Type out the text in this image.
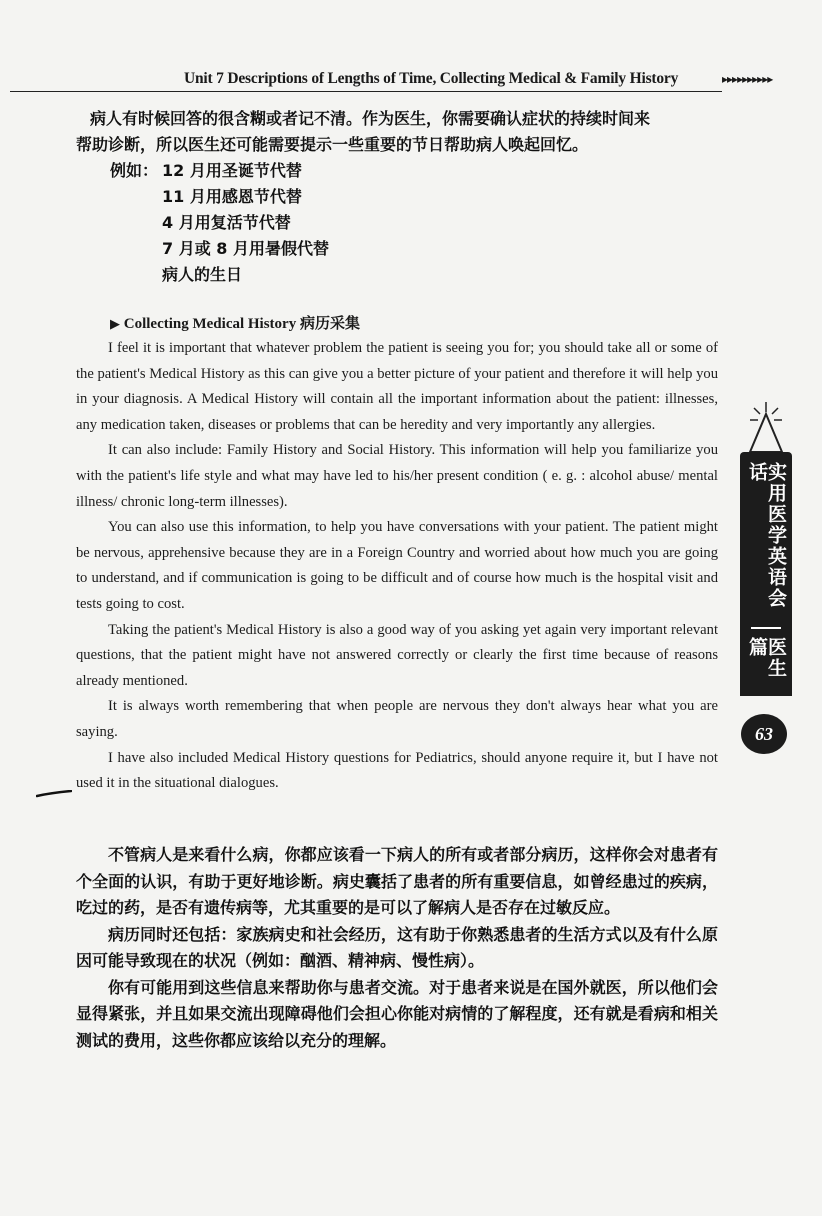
Unit 7 Descriptions of Lengths of Time, Collecting Medical & Family History	▸▸▸▸▸▸▸▸▸▸
病人有时候回答的很含糊或者记不清。作为医生，你需要确认症状的持续时间来
帮助诊断，所以医生还可能需要提示一些重要的节日帮助病人唤起回忆。
例如： 12 月用圣诞节代替
11 月用感恩节代替
4 月用复活节代替
7 月或 8 月用暑假代替
病人的生日
▶ Collecting Medical History 病历采集

I feel it is important that whatever problem the patient is seeing you for; you should take all or some of the patient's Medical History as this can give you a better picture of your patient and therefore it will help you in your diagnosis. A Medical History will contain all the important information about the patient: illnesses, any medication taken, diseases or problems that can be heredity and very importantly any allergies.

It can also include: Family History and Social History. This information will help you familiarize you with the patient's life style and what may have led to his/her present condition ( e. g. : alcohol abuse/ mental illness/ chronic long-term illnesses).

You can also use this information, to help you have conversations with your patient. The patient might be nervous, apprehensive because they are in a Foreign Country and worried about how much you are going to understand, and if communication is going to be difficult and of course how much is the hospital visit and tests going to cost.

Taking the patient's Medical History is also a good way of you asking yet again very important relevant questions, that the patient might have not answered correctly or clearly the first time because of reasons already mentioned.

It is always worth remembering that when people are nervous they don't always hear what you are saying.

I have also included Medical History questions for Pediatrics, should anyone require it, but I have not used it in the situational dialogues.

不管病人是来看什么病，你都应该看一下病人的所有或者部分病历，这样你会对患者有个全面的认识，有助于更好地诊断。病史囊括了患者的所有重要信息，如曾经患过的疾病，吃过的药，是否有遗传病等，尤其重要的是可以了解病人是否存在过敏反应。
病历同时还包括：家族病史和社会经历，这有助于你熟悉患者的生活方式以及有什么原因可能导致现在的状况（例如：酗酒、精神病、慢性病）。
你有可能用到这些信息来帮助你与患者交流。对于患者来说是在国外就医，所以他们会显得紧张，并且如果交流出现障碍他们会担心你能对病情的了解程度，还有就是看病和相关测试的费用，这些你都应该给以充分的理解。
实用医学英语会话
医生篇
63
